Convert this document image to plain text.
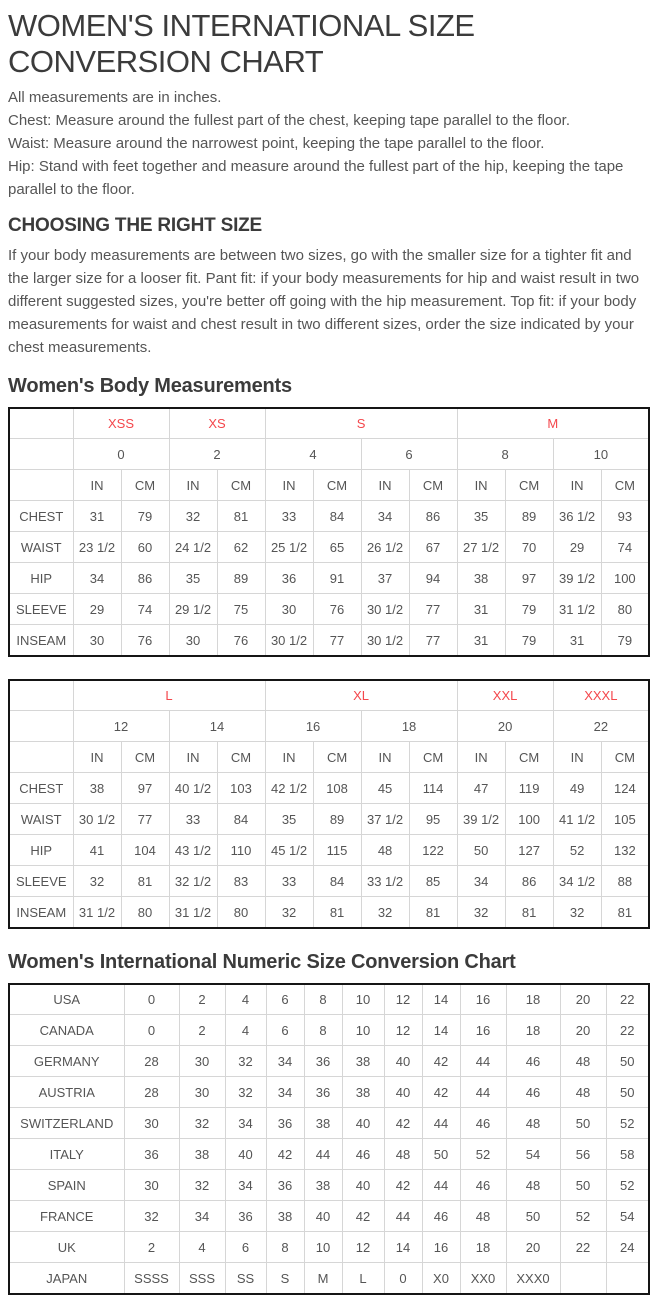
WOMEN'S INTERNATIONAL SIZE CONVERSION CHART

All measurements are in inches.

Chest: Measure around the fullest part of the chest, keeping tape parallel to the floor.

Waist: Measure around the narrowest point, keeping the tape parallel to the floor.

Hip: Stand with feet together and measure around the fullest part of the hip, keeping the tape parallel to the floor.

CHOOSING THE RIGHT SIZE

If your body measurements are between two sizes, go with the smaller size for a tighter fit and the larger size for a looser fit. Pant fit: if your body measurements for hip and waist result in two different suggested sizes, you're better off going with the hip measurement. Top fit: if your body measurements for waist and chest result in two different sizes, order the size indicated by your chest measurements.

Women's Body Measurements
	XSS		XS		S				M			
	0		2		4		6		8		10	
	IN	CM	IN	CM	IN	CM	IN	CM	IN	CM	IN	CM
CHEST	31	79	32	81	33	84	34	86	35	89	36 1/2	93
WAIST	23 1/2	60	24 1/2	62	25 1/2	65	26 1/2	67	27 1/2	70	29	74
HIP	34	86	35	89	36	91	37	94	38	97	39 1/2	100
SLEEVE	29	74	29 1/2	75	30	76	30 1/2	77	31	79	31 1/2	80
INSEAM	30	76	30	76	30 1/2	77	30 1/2	77	31	79	31	79
	L				XL				XXL		XXXL	
	12		14		16		18		20		22	
	IN	CM	IN	CM	IN	CM	IN	CM	IN	CM	IN	CM
CHEST	38	97	40 1/2	103	42 1/2	108	45	114	47	119	49	124
WAIST	30 1/2	77	33	84	35	89	37 1/2	95	39 1/2	100	41 1/2	105
HIP	41	104	43 1/2	110	45 1/2	115	48	122	50	127	52	132
SLEEVE	32	81	32 1/2	83	33	84	33 1/2	85	34	86	34 1/2	88
INSEAM	31 1/2	80	31 1/2	80	32	81	32	81	32	81	32	81
Women's International Numeric Size Conversion Chart
USA	0	2	4	6	8	10	12	14	16	18	20	22
CANADA	0	2	4	6	8	10	12	14	16	18	20	22
GERMANY	28	30	32	34	36	38	40	42	44	46	48	50
AUSTRIA	28	30	32	34	36	38	40	42	44	46	48	50
SWITZERLAND	30	32	34	36	38	40	42	44	46	48	50	52
ITALY	36	38	40	42	44	46	48	50	52	54	56	58
SPAIN	30	32	34	36	38	40	42	44	46	48	50	52
FRANCE	32	34	36	38	40	42	44	46	48	50	52	54
UK	2	4	6	8	10	12	14	16	18	20	22	24
JAPAN	SSSS	SSS	SS	S	M	L	0	X0	XX0	XXX0		
